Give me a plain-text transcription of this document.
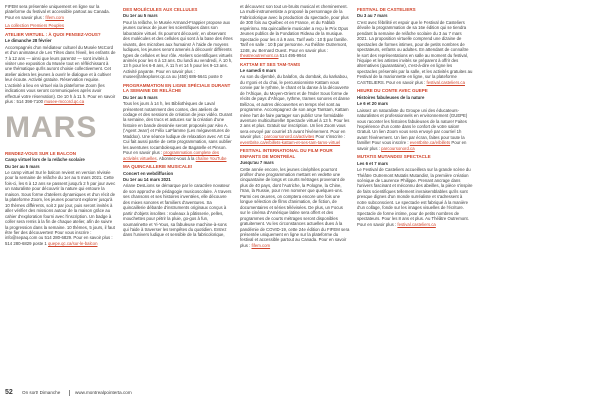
FIFEM sera présentée uniquement en ligne sur la plateforme du festival et accessible partout au Canada. Pour en savoir plus : fifem.com

La collection Premiers Peuples

ATELIER VIRTUEL : À QUOI PENSEZ-VOUS?
Le dimanche 28 février

Accompagnés d'un médiateur culturel du Musée McCord et d'un animateur de Les Têtes dans l'éveil, les enfants de 7 à 12 ans — ainsi que leurs parents! — sont invités à visiter une exposition du Musée tout en réfléchissant à une thématique qu'ils auront choisie collectivement. Cet atelier aidera les jeunes à ouvrir le dialogue et à cultiver leur écoute. Activité gratuite. Réservation requise. L'activité a lieu en virtuel via la plateforme Zoom (les indications vous seront communiquées après avoir effectué votre réservation). De 10 h à 11 h. Pour en savoir plus : 514 398-7100 musee-mccord.qc.ca

MARS
RENDEZ-VOUS SUR LE BALCON
Camp virtuel lors de la relâche scolaire
Du 1er au 5 mars

Le camp virtuel Sur le balcon revient en version révisée pour la semaine de relâche du 1er au 5 mars 2021. Cette fois-ci, les 6 à 12 ans se passent jusqu'à 2 h par jour avec un naturaliste pour découvrir la nature qui entoure la maison. Sous forme d'ateliers dynamiques et d'un récit de la plateforme Zoom, les jeunes pourront explorer jusqu'à 10 thèmes différents, soit 2 par jour, puis seront invités à aller vérifier des missions autour de la maison grâce au cahier d'exploration fourni avec l'inscription. Un badge à coller sera remis à la fin de chaque atelier, afin de suivre la progression dans la semaine. 10 thèmes, 5 jours, il faut être fier des découvertes! Pour vous inscrire : info@sepaq.com ou 514 280-6829. Pour en savoir plus : 514 280-6829 poste 1 quepe.qc.ca/sur-le-balcon

DES MOLÉCULES AUX CELLULES
Du 1er au 5 mars

Pour la relâche, le Musée Armand-Frappier propose aux jeunes curieux de jouer les scientifiques dans son laboratoire virtuel. Ils pourront découvrir, en observant des molécules et des cellules qui sont à la base des êtres vivants, des microbes aux humains! À l'aide de moyens ludiques, les jeunes seront amenés à découvrir différents types de cellules et leur rôle. Ateliers scientifiques virtuels animés pour les 6 à 13 ans. Du lundi au vendredi, À 10 h, 13 h pour les 6-8 ans, À 11 h et 14 h pour les 9-13 ans. Activité payante. Pour en savoir plus : musee@afexplorer.qc.ca ou (450) 686-5641 poste 0

PROGRAMMATION EN LIGNE SPÉCIALE DURANT LA SEMAINE DE RELÂCHE
Du 1er au 5 mars

Tous les jours à 14 h, les Bibliothèques de Laval présentent notamment des contes, des ateliers de codage et des sessions de création de jeux vidéo. Durant la semaine, des trucs et astuces sur la création d'une histoire en bande dessinée seront proposés par Alex A. ('Agent Jean') et Félix LaFlamme (Les mégaventures de Maddox). Une séance ludique de relaxation avec Art Cui Cui fait aussi partie de cette programmation, sans oublier les aventures rocambolesques de Bagatelle et Pinson. Pour en savoir plus : programmation.complete des activités virtuelles. Abonnez-vous à la chaîne YouTube

MA QUINCAILLERIE MUSICALE!
Concert en webdiffusion
Du 1er au 14 mars 2021

Ariane DesLions se démarque par le caractère novateur de son approche de pédagogie musicoscolaire. À travers ses chansons et ses histoires inventées, elle découvre des mixes sonores et familiers d'aventures. Sa quincaillerie débarde d'instruments originaux conçus à partir d'objets insolites : rouleaux à pâtisserie, pelles, mouchettes pour pétrir la pluie, go-gos à fun, soumarinette et Yi-Yous, sa fabuleuse machine-à-sons qui l'aide à traverser les tempêtes du quotidien. Entrez dans l'univers ludique et sensible de la fabricolorique,

et découvrez son tout un-bruits musical et cheminement. La multi-instrumentiste a proposé la personnage de la Fabricolorique avec la production du spectacle, pour plus de 300 fois au Québec et en France, et du Fablab espérinnu. Ma quincaillerie musicale! a reçu le Prix Opus Jeunes publics de la Fondation Rideau de la musique. Spectacle pour les 4 à 9 ans. Tarif web : 10 $ par famille. Tarif en salle : 10 $ par personne. Au théâtre Outremont, 1248, av. Bernard Ouest. Pour en savoir plus : theatreoutremont.ca 514 495-9944

KATTAM ET SES TAM-TAMS
Le samedi 6 mars

Au son du djembé, du balafon, du dombak, du karkabou, du n'goni et du chai, le percussionniste Kattam vous convie par le rythme, le chant et la danse à la découverte de l'Afrique, du Moyen-Orient et de l'Inde! Sous forme de récits de pays d'Afrique, rythme, trames sonores et danse Bélizou, et autres découvertes en temps réel sont au programme. Accompagnez de son ange Tamtam, Kattam mène l'art de faire partager son public! Une formidable aventure multiculturelle! Spectacle virtuel à 13 h. Pour les 2 ans et plus. Gratuit sur inscription. Un lien Zoom vous sera envoyé par courriel 1h avant l'événement. Pour en savoir plus : parcoursonord.ca/activites Pour s'inscrire : eventbrite.ca/e/billets-kattam-et-ses-tam-tams-virtuel

FESTIVAL INTERNATIONAL DU FILM POUR ENFANTS DE MONTRÉAL
Jusqu'au 7 mars

Cette année encore, les jeunes cinéphiles pourront profiter d'une programmation mettant en vedette une cinquantaine de longs et courts métrages provenant de plus de 40 pays, dont l'Autriche, la Pologne, la Chine, l'Iran, la Russie, pour n'en nommer que quelques-uns. Parmi ces œuvres, on comptera encore une fois une longue sélection de films d'animation, de fiction, de documentaires et séries télévisées. De plus, un Focus sur le cinéma d'Amérique latine sera offert et des programmes de courts métrages seront disponibles gratuitement. Vu les circonstances actuelles dues à la pandémie de COVID-19, cette 24e édition du FIFEM sera présentée uniquement en ligne sur la plateforme du festival et accessible partout au Canada. Pour en savoir plus : fifem.com

FESTIVAL DE CASTELIERS
Du 3 au 7 mars

C'est avec fébrilité et espoir que le Festival de Casteliers dévoile la programmation de sa 16e édition qui se tiendra pendant la semaine de relâche scolaire du 3 au 7 mars 2021. La proposition virtuelle comprend une dizaine de spectacles de formes intimes, pour de petits nombres de spectateurs, enfants ou adultes. En attendant de connaître le sort des représentations en salle au moment du festival, l'équipe et les artistes invités se préparent à offrir des alternatives (quarantaine), c'est-à-dire en ligne les spectacles présentés par la salle, et les activités gratuites au Festival de la marionnette en ligne, sur la plateforme CASTELIERS. Pour en savoir plus : festival.casteliers.ca

HEURE DU CONTE AVEC GUEPE
Histoires fabuleuses de la nature
Le 6 et 20 mars

Laissez un naturaliste du Groupe uni des éducateurs-naturalistes et professionnels en environnement (GUEPE) vous raconter les histoires fabuleuses de la nature! Faites l'expérience d'un conte dans le confort de votre salon! Gratuit. Un lien Zoom vous sera envoyé par courriel 1h avant l'événement. Un lien par écran, faites pour toute la famille! Pour vous inscrire : eventbrite.ca/e/billets Pour en savoir plus : parcoursonord.ca

MUTATIS MUTANDIS! SPECTACLE
Les 6 et 7 mars

Le Festival de Casteliers accueillera sur la grande scène du Théâtre Outremont Mutatis Mutandis!, la première création scénique de Laurence Philippe. Prenant ancrage dans l'univers fascinant et méconnu des abeilles, la pièce s'inspire de faits scientifiques tellement invraisemblables qu'ils sont presque dignes d'un monde surréaliste et s'adressent à notre subconscient. Le spectacle est fabriqué à la manière d'un collage, fonde sur les images visuelles de l'écriture. Spectacle de forme intime, pour de petits nombres de spectateurs. Pour les 8 ans et plus. Au Théâtre Outremont. Pour en savoir plus : festival.casteliers.ca

52	On sort! Dimanche	www.montrealpointerta.com
